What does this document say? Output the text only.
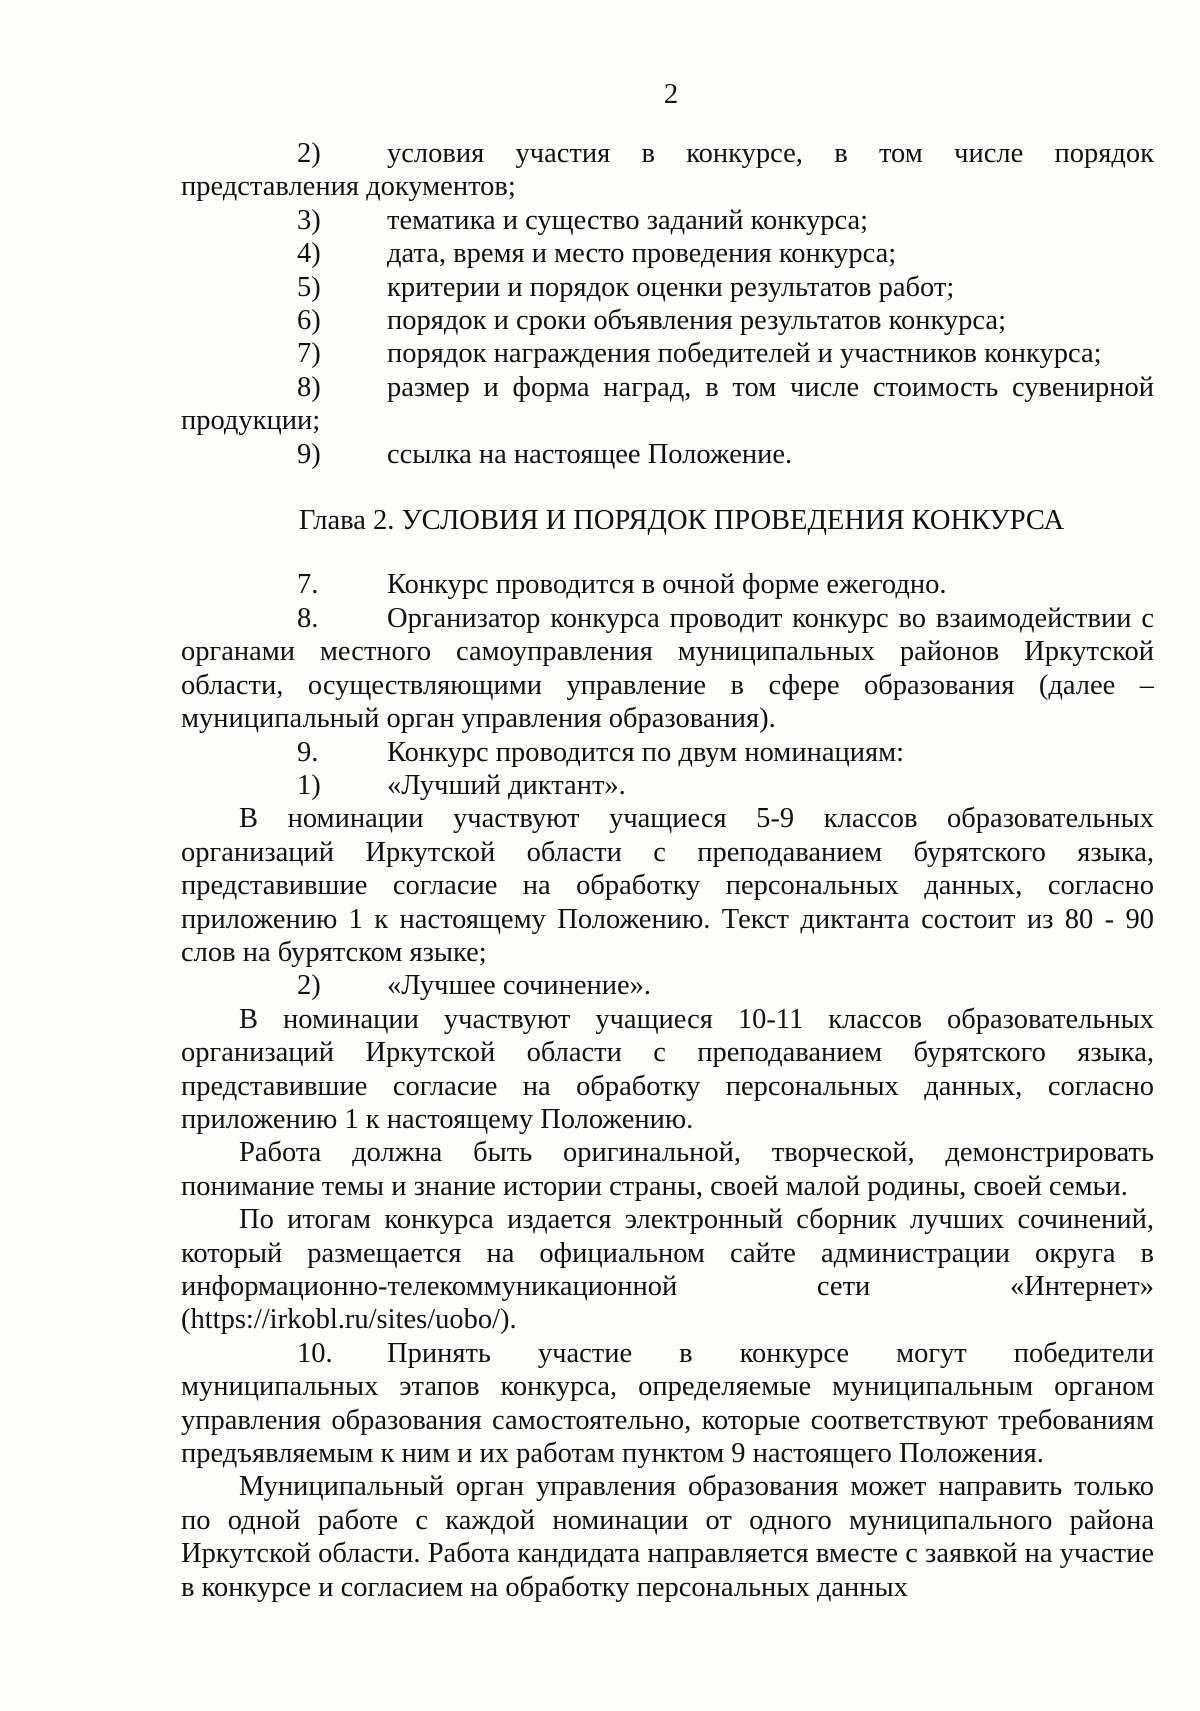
2
2) условия участия в конкурсе, в том числе порядок представления документов;
3) тематика и существо заданий конкурса;
4) дата, время и место проведения конкурса;
5) критерии и порядок оценки результатов работ;
6) порядок и сроки объявления результатов конкурса;
7) порядок награждения победителей и участников конкурса;
8) размер и форма наград, в том числе стоимость сувенирной продукции;
9) ссылка на настоящее Положение.
Глава 2. УСЛОВИЯ И ПОРЯДОК ПРОВЕДЕНИЯ КОНКУРСА
7. Конкурс проводится в очной форме ежегодно.
8. Организатор конкурса проводит конкурс во взаимодействии с органами местного самоуправления муниципальных районов Иркутской области, осуществляющими управление в сфере образования (далее – муниципальный орган управления образования).
9. Конкурс проводится по двум номинациям:
1) «Лучший диктант».
В номинации участвуют учащиеся 5-9 классов образовательных организаций Иркутской области с преподаванием бурятского языка, представившие согласие на обработку персональных данных, согласно приложению 1 к настоящему Положению. Текст диктанта состоит из 80 - 90 слов на бурятском языке;
2) «Лучшее сочинение».
В номинации участвуют учащиеся 10-11 классов образовательных организаций Иркутской области с преподаванием бурятского языка, представившие согласие на обработку персональных данных, согласно приложению 1 к настоящему Положению.
Работа должна быть оригинальной, творческой, демонстрировать понимание темы и знание истории страны, своей малой родины, своей семьи.
По итогам конкурса издается электронный сборник лучших сочинений, который размещается на официальном сайте администрации округа в информационно-телекоммуникационной сети «Интернет» (https://irkobl.ru/sites/uobo/).
10. Принять участие в конкурсе могут победители муниципальных этапов конкурса, определяемые муниципальным органом управления образования самостоятельно, которые соответствуют требованиям предъявляемым к ним и их работам пунктом 9 настоящего Положения.
Муниципальный орган управления образования может направить только по одной работе с каждой номинации от одного муниципального района Иркутской области. Работа кандидата направляется вместе с заявкой на участие в конкурсе и согласием на обработку персональных данных
